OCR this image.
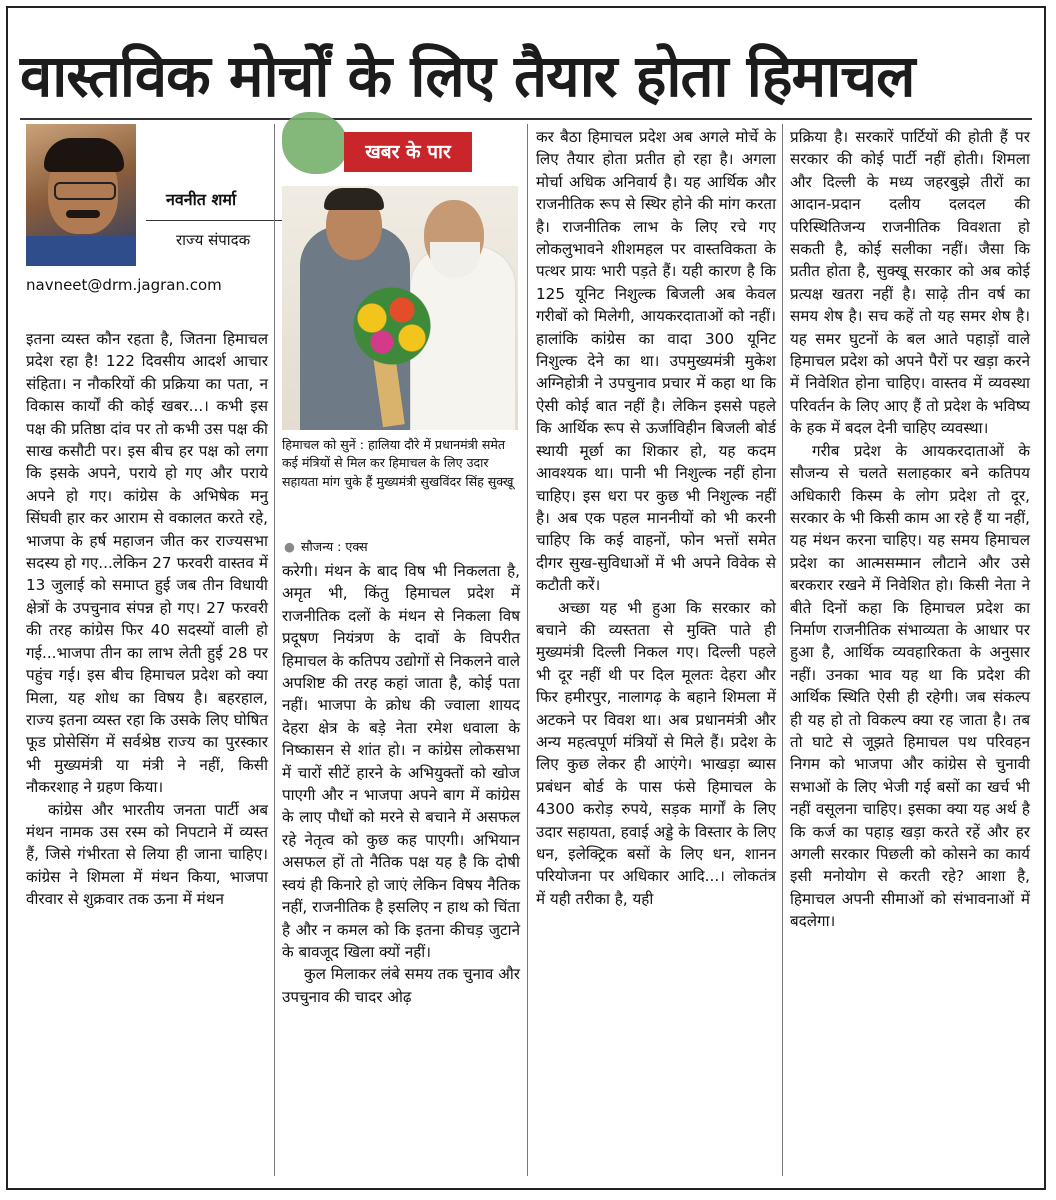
वास्तविक मोर्चों के लिए तैयार होता हिमाचल
नवनीत शर्मा
राज्य संपादक
navneet@drm.jagran.com

इतना व्यस्त कौन रहता है, जितना हिमाचल प्रदेश रहा है! 122 दिवसीय आदर्श आचार संहिता। न नौकरियों की प्रक्रिया का पता, न विकास कार्यों की कोई खबर...। कभी इस पक्ष की प्रतिष्ठा दांव पर तो कभी उस पक्ष की साख कसौटी पर। इस बीच हर पक्ष को लगा कि इसके अपने, पराये हो गए और पराये अपने हो गए। कांग्रेस के अभिषेक मनु सिंघवी हार कर आराम से वकालत करते रहे, भाजपा के हर्ष महाजन जीत कर राज्यसभा सदस्य हो गए...लेकिन 27 फरवरी वास्तव में 13 जुलाई को समाप्त हुई जब तीन विधायी क्षेत्रों के उपचुनाव संपन्न हो गए। 27 फरवरी की तरह कांग्रेस फिर 40 सदस्यों वाली हो गई...भाजपा तीन का लाभ लेती हुई 28 पर पहुंच गई। इस बीच हिमाचल प्रदेश को क्या मिला, यह शोध का विषय है। बहरहाल, राज्य इतना व्यस्त रहा कि उसके लिए घोषित फूड प्रोसेसिंग में सर्वश्रेष्ठ राज्य का पुरस्कार भी मुख्यमंत्री या मंत्री ने नहीं, किसी नौकरशाह ने ग्रहण किया।

कांग्रेस और भारतीय जनता पार्टी अब मंथन नामक उस रस्म को निपटाने में व्यस्त हैं, जिसे गंभीरता से लिया ही जाना चाहिए। कांग्रेस ने शिमला में मंथन किया, भाजपा वीरवार से शुक्रवार तक ऊना में मंथन

खबर के पार
हिमाचल को सुनें : हालिया दौरे में प्रधानमंत्री समेत कई मंत्रियों से मिल कर हिमाचल के लिए उदार सहायता मांग चुके हैं मुख्यमंत्री सुखविंदर सिंह सुक्खू
● सौजन्य : एक्स

करेगी। मंथन के बाद विष भी निकलता है, अमृत भी, किंतु हिमाचल प्रदेश में राजनीतिक दलों के मंथन से निकला विष प्रदूषण नियंत्रण के दावों के विपरीत हिमाचल के कतिपय उद्योगों से निकलने वाले अपशिष्ट की तरह कहां जाता है, कोई पता नहीं। भाजपा के क्रोध की ज्वाला शायद देहरा क्षेत्र के बड़े नेता रमेश धवाला के निष्कासन से शांत हो। न कांग्रेस लोकसभा में चारों सीटें हारने के अभियुक्तों को खोज पाएगी और न भाजपा अपने बाग में कांग्रेस के लाए पौधों को मरने से बचाने में असफल रहे नेतृत्व को कुछ कह पाएगी। अभियान असफल हों तो नैतिक पक्ष यह है कि दोषी स्वयं ही किनारे हो जाएं लेकिन विषय नैतिक नहीं, राजनीतिक है इसलिए न हाथ को चिंता है और न कमल को कि इतना कीचड़ जुटाने के बावजूद खिला क्यों नहीं।

कुल मिलाकर लंबे समय तक चुनाव और उपचुनाव की चादर ओढ़

कर बैठा हिमाचल प्रदेश अब अगले मोर्चे के लिए तैयार होता प्रतीत हो रहा है। अगला मोर्चा अधिक अनिवार्य है। यह आर्थिक और राजनीतिक रूप से स्थिर होने की मांग करता है। राजनीतिक लाभ के लिए रचे गए लोकलुभावने शीशमहल पर वास्तविकता के पत्थर प्रायः भारी पड़ते हैं। यही कारण है कि 125 यूनिट निशुल्क बिजली अब केवल गरीबों को मिलेगी, आयकरदाताओं को नहीं। हालांकि कांग्रेस का वादा 300 यूनिट निशुल्क देने का था। उपमुख्यमंत्री मुकेश अग्निहोत्री ने उपचुनाव प्रचार में कहा था कि ऐसी कोई बात नहीं है। लेकिन इससे पहले कि आर्थिक रूप से ऊर्जाविहीन बिजली बोर्ड स्थायी मूर्छा का शिकार हो, यह कदम आवश्यक था। पानी भी निशुल्क नहीं होना चाहिए। इस धरा पर कुछ भी निशुल्क नहीं है। अब एक पहल माननीयों को भी करनी चाहिए कि कई वाहनों, फोन भत्तों समेत दीगर सुख-सुविधाओं में भी अपने विवेक से कटौती करें।

अच्छा यह भी हुआ कि सरकार को बचाने की व्यस्तता से मुक्ति पाते ही मुख्यमंत्री दिल्ली निकल गए। दिल्ली पहले भी दूर नहीं थी पर दिल मूलतः देहरा और फिर हमीरपुर, नालागढ़ के बहाने शिमला में अटकने पर विवश था। अब प्रधानमंत्री और अन्य महत्वपूर्ण मंत्रियों से मिले हैं। प्रदेश के लिए कुछ लेकर ही आएंगे। भाखड़ा ब्यास प्रबंधन बोर्ड के पास फंसे हिमाचल के 4300 करोड़ रुपये, सड़क मार्गों के लिए उदार सहायता, हवाई अड्डे के विस्तार के लिए धन, इलेक्ट्रिक बसों के लिए धन, शानन परियोजना पर अधिकार आदि...। लोकतंत्र में यही तरीका है, यही

प्रक्रिया है। सरकारें पार्टियों की होती हैं पर सरकार की कोई पार्टी नहीं होती। शिमला और दिल्ली के मध्य जहरबुझे तीरों का आदान-प्रदान दलीय दलदल की परिस्थितिजन्य राजनीतिक विवशता हो सकती है, कोई सलीका नहीं। जैसा कि प्रतीत होता है, सुक्खू सरकार को अब कोई प्रत्यक्ष खतरा नहीं है। साढ़े तीन वर्ष का समय शेष है। सच कहें तो यह समर शेष है। यह समर घुटनों के बल आते पहाड़ों वाले हिमाचल प्रदेश को अपने पैरों पर खड़ा करने में निवेशित होना चाहिए। वास्तव में व्यवस्था परिवर्तन के लिए आए हैं तो प्रदेश के भविष्य के हक में बदल देनी चाहिए व्यवस्था।

गरीब प्रदेश के आयकरदाताओं के सौजन्य से चलते सलाहकार बने कतिपय अधिकारी किस्म के लोग प्रदेश तो दूर, सरकार के भी किसी काम आ रहे हैं या नहीं, यह मंथन करना चाहिए। यह समय हिमाचल प्रदेश का आत्मसम्मान लौटाने और उसे बरकरार रखने में निवेशित हो। किसी नेता ने बीते दिनों कहा कि हिमाचल प्रदेश का निर्माण राजनीतिक संभाव्यता के आधार पर हुआ है, आर्थिक व्यवहारिकता के अनुसार नहीं। उनका भाव यह था कि प्रदेश की आर्थिक स्थिति ऐसी ही रहेगी। जब संकल्प ही यह हो तो विकल्प क्या रह जाता है। तब तो घाटे से जूझते हिमाचल पथ परिवहन निगम को भाजपा और कांग्रेस से चुनावी सभाओं के लिए भेजी गई बसों का खर्च भी नहीं वसूलना चाहिए। इसका क्या यह अर्थ है कि कर्ज का पहाड़ खड़ा करते रहें और हर अगली सरकार पिछली को कोसने का कार्य इसी मनोयोग से करती रहे? आशा है, हिमाचल अपनी सीमाओं को संभावनाओं में बदलेगा।
